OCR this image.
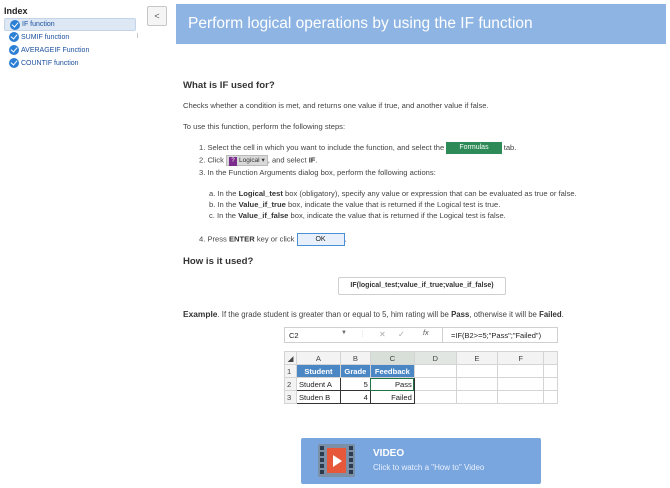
Index
IF function
SUMIF function
AVERAGEIF Function
COUNTIF function
<	Perform logical operations by using the IF function
What is IF used for?
Checks whether a condition is met, and returns one value if true, and another value if false.
To use this function, perform the following steps:
1. Select the cell in which you want to include the function, and select the Formulas tab.
2. Click ? Logical ▾ , and select IF.
3. In the Function Arguments dialog box, perform the following actions:
a. In the Logical_test box (obligatory), specify any value or expression that can be evaluated as true or false.
b. In the Value_if_true box, indicate the value that is returned if the Logical test is true.
c. In the Value_if_false box, indicate the value that is returned if the Logical test is false.
4. Press ENTER key or click	OK .
How is it used?
IF(logical_test;value_if_true;value_if_false)
Example. If the grade student is greater than or equal to 5, him rating will be Pass, otherwise it will be Failed.
C2	▼ ⋮ ✕ ✓	fx	=IF(B2>=5;"Pass";"Failed")
◢	A	B	C	D	E	F	
1	Student	Grade	Feedback				
2	Student A	5	Pass				
3	Studen B	4	Failed				
VIDEO
Click to watch a "How to" Video
